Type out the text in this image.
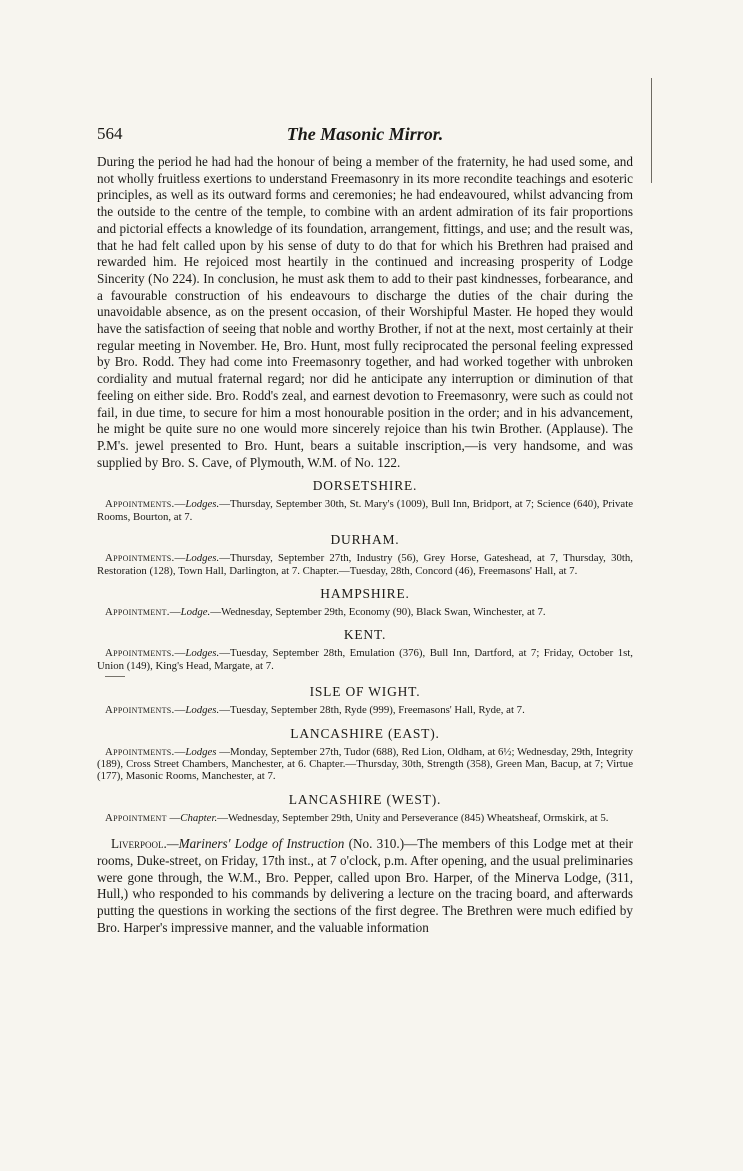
564	The Masonic Mirror.

During the period he had had the honour of being a member of the fraternity, he had used some, and not wholly fruitless exertions to understand Freemasonry in its more recondite teachings and esoteric principles, as well as its outward forms and ceremonies; he had endeavoured, whilst advancing from the outside to the centre of the temple, to combine with an ardent admiration of its fair proportions and pictorial effects a knowledge of its foundation, arrangement, fittings, and use; and the result was, that he had felt called upon by his sense of duty to do that for which his Brethren had praised and rewarded him. He rejoiced most heartily in the continued and increasing prosperity of Lodge Sincerity (No 224). In conclusion, he must ask them to add to their past kindnesses, forbearance, and a favourable construction of his endeavours to discharge the duties of the chair during the unavoidable absence, as on the present occasion, of their Worshipful Master. He hoped they would have the satisfaction of seeing that noble and worthy Brother, if not at the next, most certainly at their regular meeting in November. He, Bro. Hunt, most fully reciprocated the personal feeling expressed by Bro. Rodd. They had come into Freemasonry together, and had worked together with unbroken cordiality and mutual fraternal regard; nor did he anticipate any interruption or diminution of that feeling on either side. Bro. Rodd's zeal, and earnest devotion to Freemasonry, were such as could not fail, in due time, to secure for him a most honourable position in the order; and in his advancement, he might be quite sure no one would more sincerely rejoice than his twin Brother. (Applause). The P.M's. jewel presented to Bro. Hunt, bears a suitable inscription,—is very handsome, and was supplied by Bro. S. Cave, of Plymouth, W.M. of No. 122.

DORSETSHIRE.

Appointments.—Lodges.—Thursday, September 30th, St. Mary's (1009), Bull Inn, Bridport, at 7; Science (640), Private Rooms, Bourton, at 7.

DURHAM.

Appointments.—Lodges.—Thursday, September 27th, Industry (56), Grey Horse, Gateshead, at 7, Thursday, 30th, Restoration (128), Town Hall, Darlington, at 7. Chapter.—Tuesday, 28th, Concord (46), Freemasons' Hall, at 7.

HAMPSHIRE.

Appointment.—Lodge.—Wednesday, September 29th, Economy (90), Black Swan, Winchester, at 7.

KENT.

Appointments.—Lodges.—Tuesday, September 28th, Emulation (376), Bull Inn, Dartford, at 7; Friday, October 1st, Union (149), King's Head, Margate, at 7.

ISLE OF WIGHT.

Appointments.—Lodges.—Tuesday, September 28th, Ryde (999), Freemasons' Hall, Ryde, at 7.

LANCASHIRE (EAST).

Appointments.—Lodges —Monday, September 27th, Tudor (688), Red Lion, Oldham, at 6½; Wednesday, 29th, Integrity (189), Cross Street Chambers, Manchester, at 6. Chapter.—Thursday, 30th, Strength (358), Green Man, Bacup, at 7; Virtue (177), Masonic Rooms, Manchester, at 7.

LANCASHIRE (WEST).

Appointment —Chapter.—Wednesday, September 29th, Unity and Perseverance (845) Wheatsheaf, Ormskirk, at 5.

Liverpool.—Mariners' Lodge of Instruction (No. 310.)—The members of this Lodge met at their rooms, Duke-street, on Friday, 17th inst., at 7 o'clock, p.m. After opening, and the usual preliminaries were gone through, the W.M., Bro. Pepper, called upon Bro. Harper, of the Minerva Lodge, (311, Hull,) who responded to his commands by delivering a lecture on the tracing board, and afterwards putting the questions in working the sections of the first degree. The Brethren were much edified by Bro. Harper's impressive manner, and the valuable information
